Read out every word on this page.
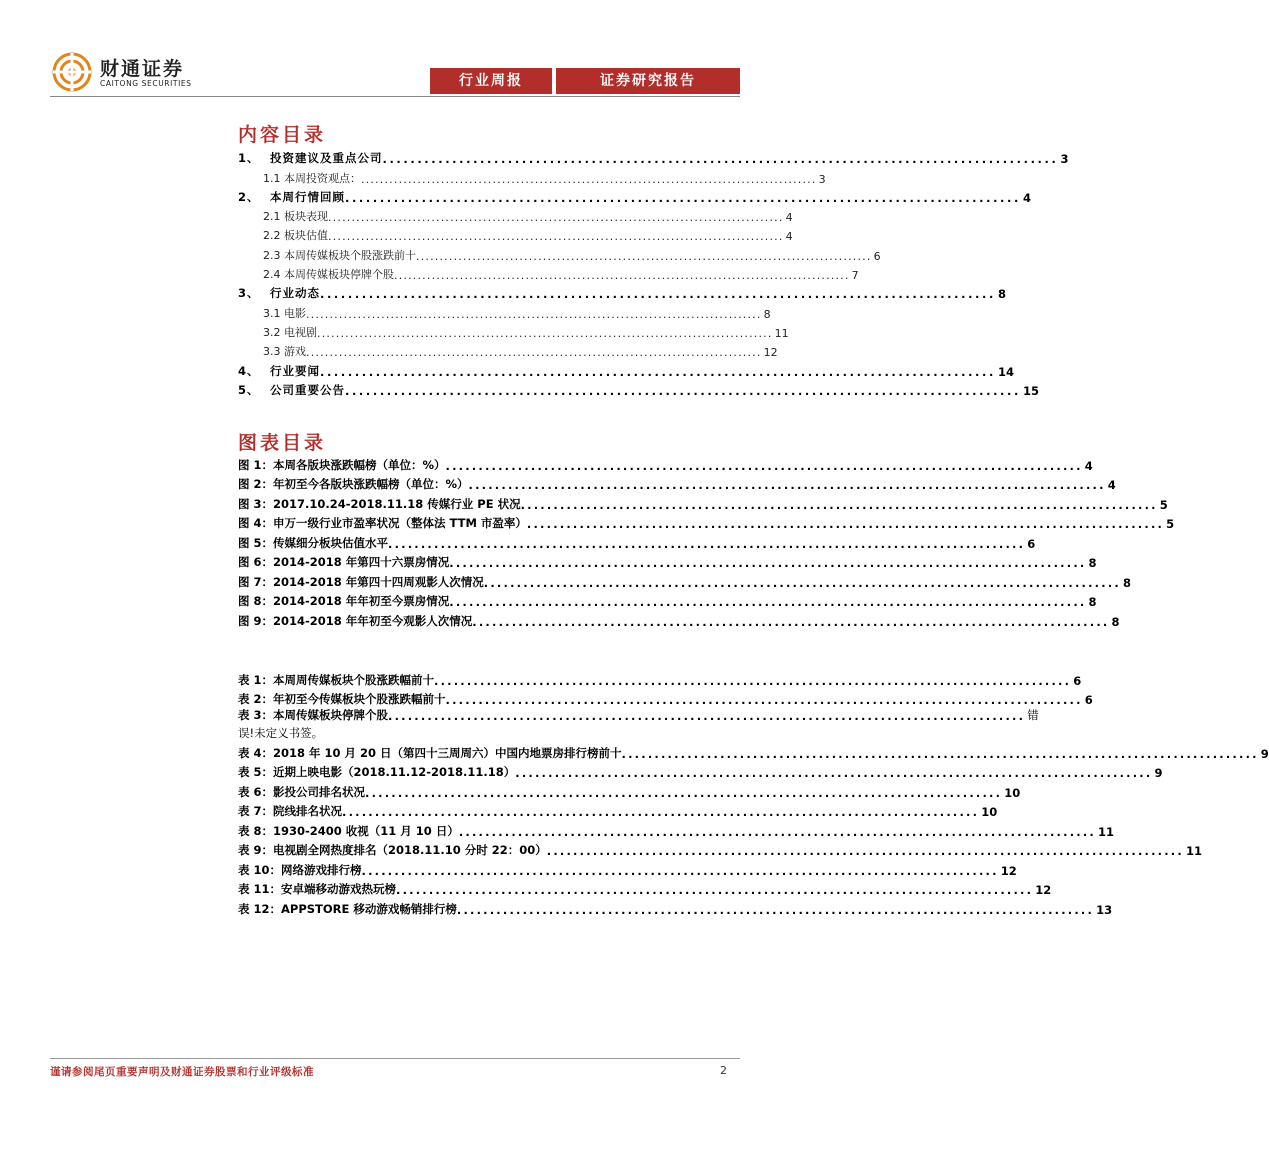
财通证券
CAITONG SECURITIES	行业周报	证券研究报告
内容目录
1、 投资建议及重点公司 ................................................................................................. 3
1.1 本周投资观点： ................................................................................................. 3
2、 本周行情回顾 ................................................................................................. 4
2.1 板块表现 ................................................................................................. 4
2.2 板块估值 ................................................................................................. 4
2.3 本周传媒板块个股涨跌前十 ................................................................................................. 6
2.4 本周传媒板块停牌个股 ................................................................................................. 7
3、 行业动态 ................................................................................................. 8
3.1 电影 ................................................................................................. 8
3.2 电视剧 ................................................................................................. 11
3.3 游戏 ................................................................................................. 12
4、 行业要闻 ................................................................................................. 14
5、 公司重要公告 ................................................................................................. 15
图表目录
图 1：本周各版块涨跌幅榜（单位：%） ................................................................................................. 4
图 2：年初至今各版块涨跌幅榜（单位：%） ................................................................................................. 4
图 3：2017.10.24-2018.11.18 传媒行业 PE 状况 ................................................................................................. 5
图 4：申万一级行业市盈率状况（整体法 TTM 市盈率） ................................................................................................. 5
图 5：传媒细分板块估值水平 ................................................................................................. 6
图 6：2014-2018 年第四十六票房情况 ................................................................................................. 8
图 7：2014-2018 年第四十四周观影人次情况 ................................................................................................. 8
图 8：2014-2018 年年初至今票房情况 ................................................................................................. 8
图 9：2014-2018 年年初至今观影人次情况 ................................................................................................. 8
表 1：本周周传媒板块个股涨跌幅前十 ................................................................................................. 6
表 2：年初至今传媒板块个股涨跌幅前十 ................................................................................................. 6
表 3：本周传媒板块停牌个股 ................................................................................................. 错
误!未定义书签。
表 4：2018 年 10 月 20 日（第四十三周周六）中国内地票房排行榜前十 ................................................................................................. 9
表 5：近期上映电影（2018.11.12-2018.11.18） ................................................................................................. 9
表 6：影投公司排名状况 ................................................................................................. 10
表 7：院线排名状况 ................................................................................................. 10
表 8：1930-2400 收视（11 月 10 日） ................................................................................................. 11
表 9：电视剧全网热度排名（2018.11.10 分时 22：00） ................................................................................................. 11
表 10：网络游戏排行榜 ................................................................................................. 12
表 11：安卓端移动游戏热玩榜 ................................................................................................. 12
表 12：APPSTORE 移动游戏畅销排行榜 ................................................................................................. 13
谨请参阅尾页重要声明及财通证券股票和行业评级标准	2
